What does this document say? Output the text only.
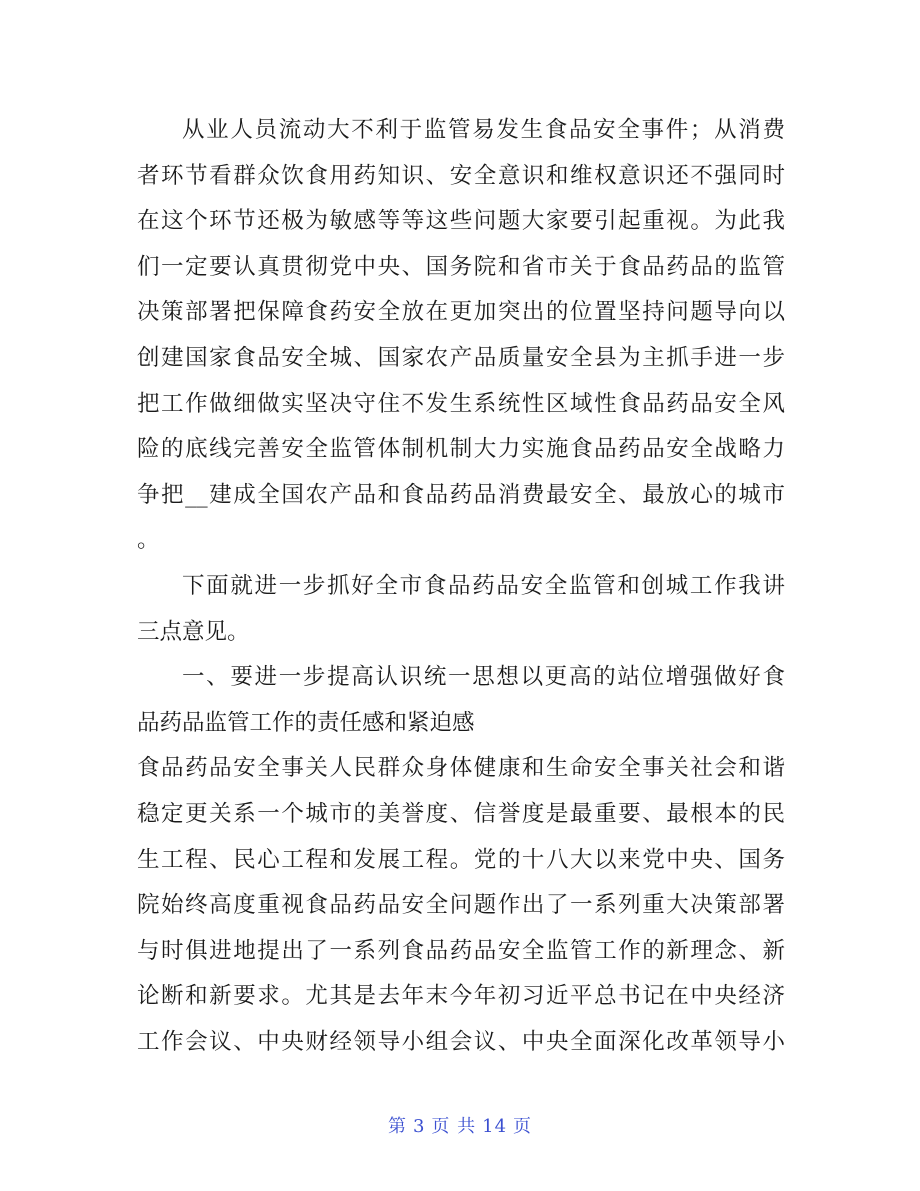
从业人员流动大不利于监管易发生食品安全事件；从消费
者环节看群众饮食用药知识、安全意识和维权意识还不强同时
在这个环节还极为敏感等等这些问题大家要引起重视。为此我
们一定要认真贯彻党中央、国务院和省市关于食品药品的监管
决策部署把保障食药安全放在更加突出的位置坚持问题导向以
创建国家食品安全城、国家农产品质量安全县为主抓手进一步
把工作做细做实坚决守住不发生系统性区域性食品药品安全风
险的底线完善安全监管体制机制大力实施食品药品安全战略力
争把__建成全国农产品和食品药品消费最安全、最放心的城市
。
下面就进一步抓好全市食品药品安全监管和创城工作我讲
三点意见。
一、要进一步提高认识统一思想以更高的站位增强做好食
品药品监管工作的责任感和紧迫感
食品药品安全事关人民群众身体健康和生命安全事关社会和谐
稳定更关系一个城市的美誉度、信誉度是最重要、最根本的民
生工程、民心工程和发展工程。党的十八大以来党中央、国务
院始终高度重视食品药品安全问题作出了一系列重大决策部署
与时俱进地提出了一系列食品药品安全监管工作的新理念、新
论断和新要求。尤其是去年末今年初习近平总书记在中央经济
工作会议、中央财经领导小组会议、中央全面深化改革领导小
第 3 页 共 14 页
